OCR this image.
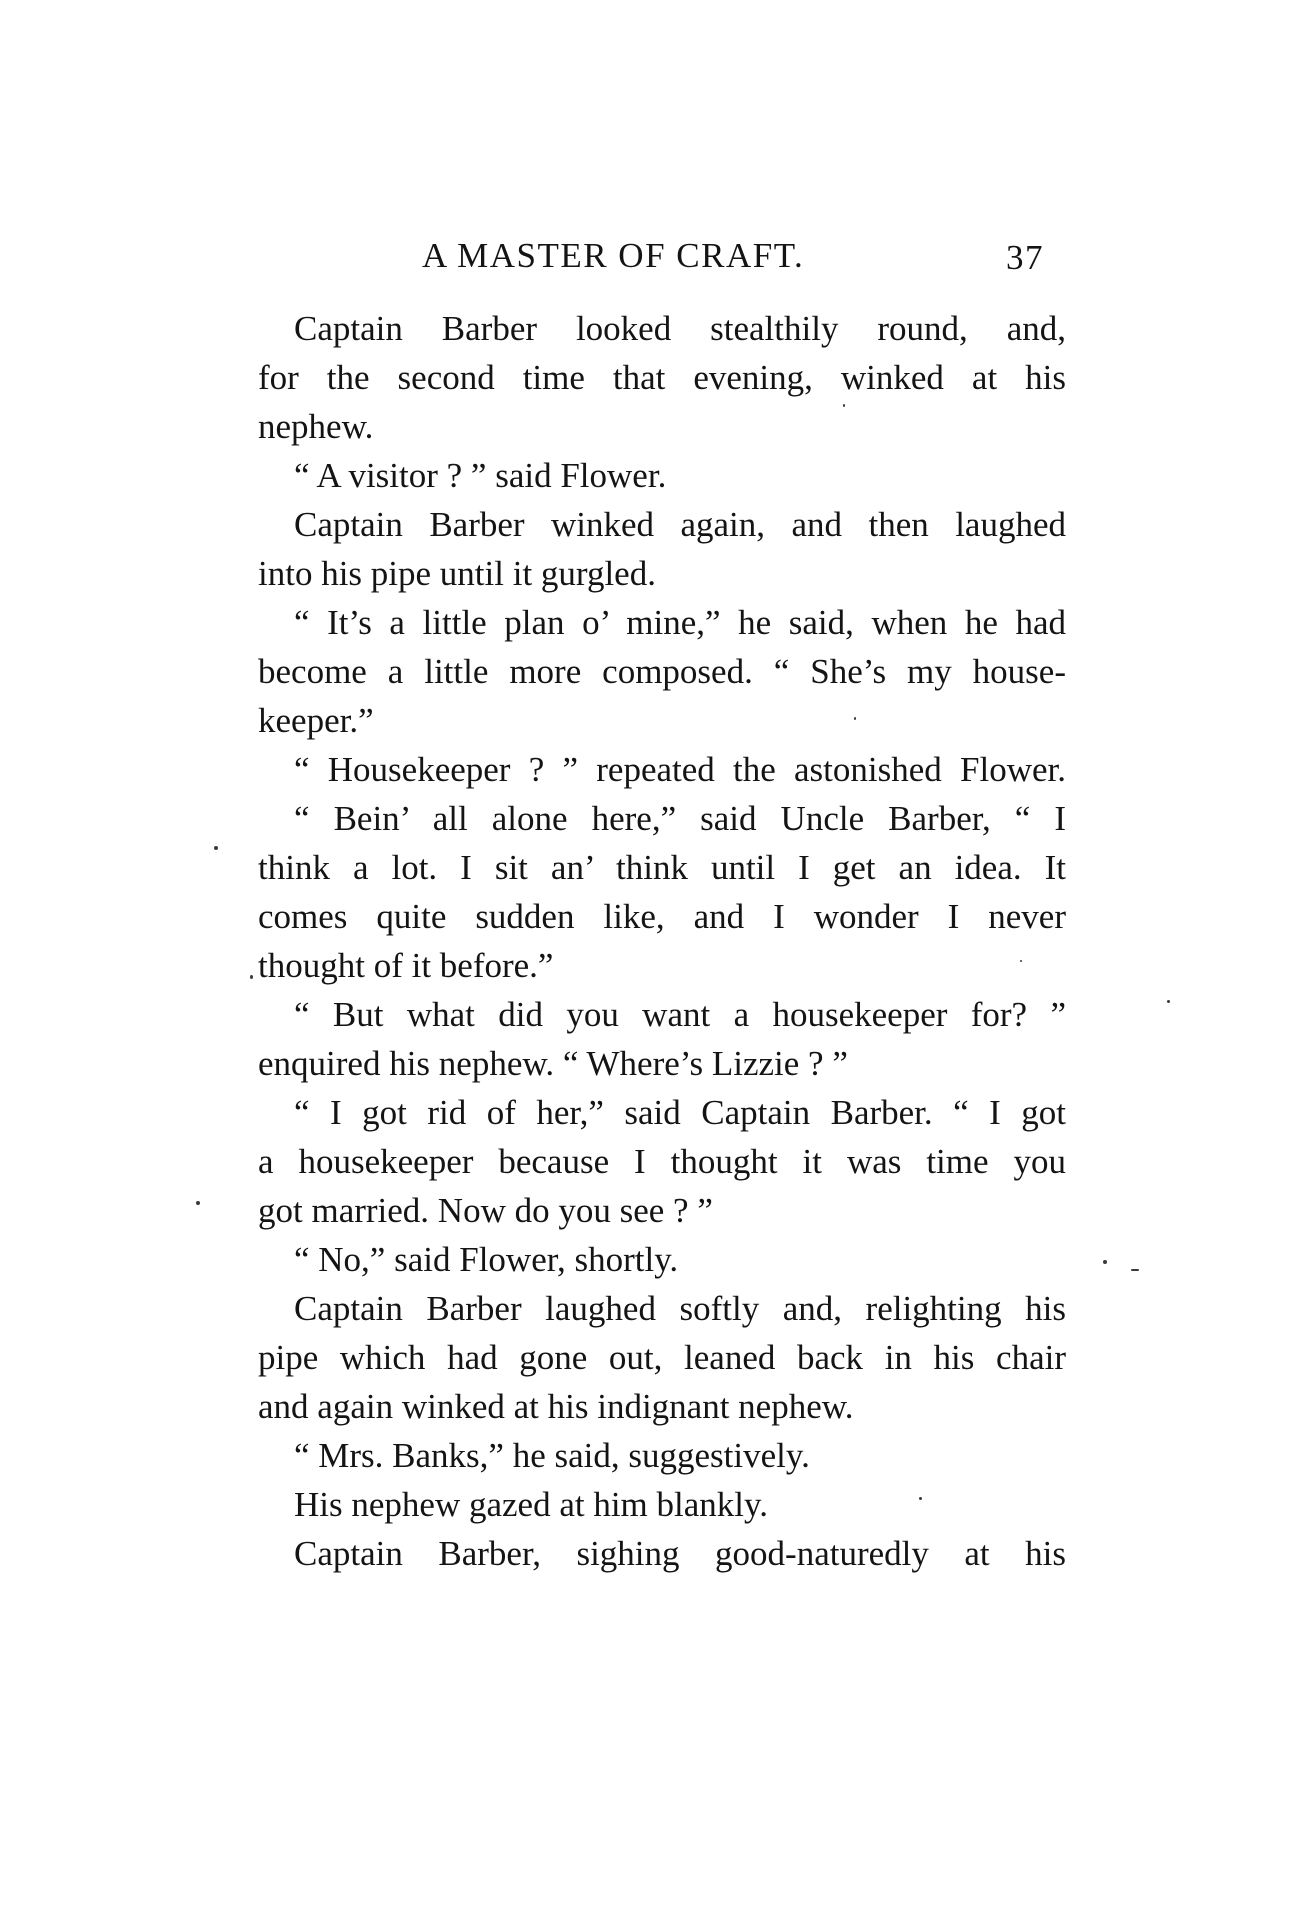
A MASTER OF CRAFT.	37

Captain Barber looked stealthily round, and,
for the second time that evening, winked at his
nephew.

“ A visitor ? ” said Flower.

Captain Barber winked again, and then laughed
into his pipe until it gurgled.

“ It’s a little plan o’ mine,” he said, when he had
become a little more composed. “ She’s my house-
keeper.”

“ Housekeeper ? ” repeated the astonished Flower.

“ Bein’ all alone here,” said Uncle Barber, “ I
think a lot. I sit an’ think until I get an idea. It
comes quite sudden like, and I wonder I never
thought of it before.”

“ But what did you want a housekeeper for? ”
enquired his nephew. “ Where’s Lizzie ? ”

“ I got rid of her,” said Captain Barber. “ I got
a housekeeper because I thought it was time you
got married. Now do you see ? ”

“ No,” said Flower, shortly.

Captain Barber laughed softly and, relighting his
pipe which had gone out, leaned back in his chair
and again winked at his indignant nephew.

“ Mrs. Banks,” he said, suggestively.

His nephew gazed at him blankly.

Captain Barber, sighing good-naturedly at his
